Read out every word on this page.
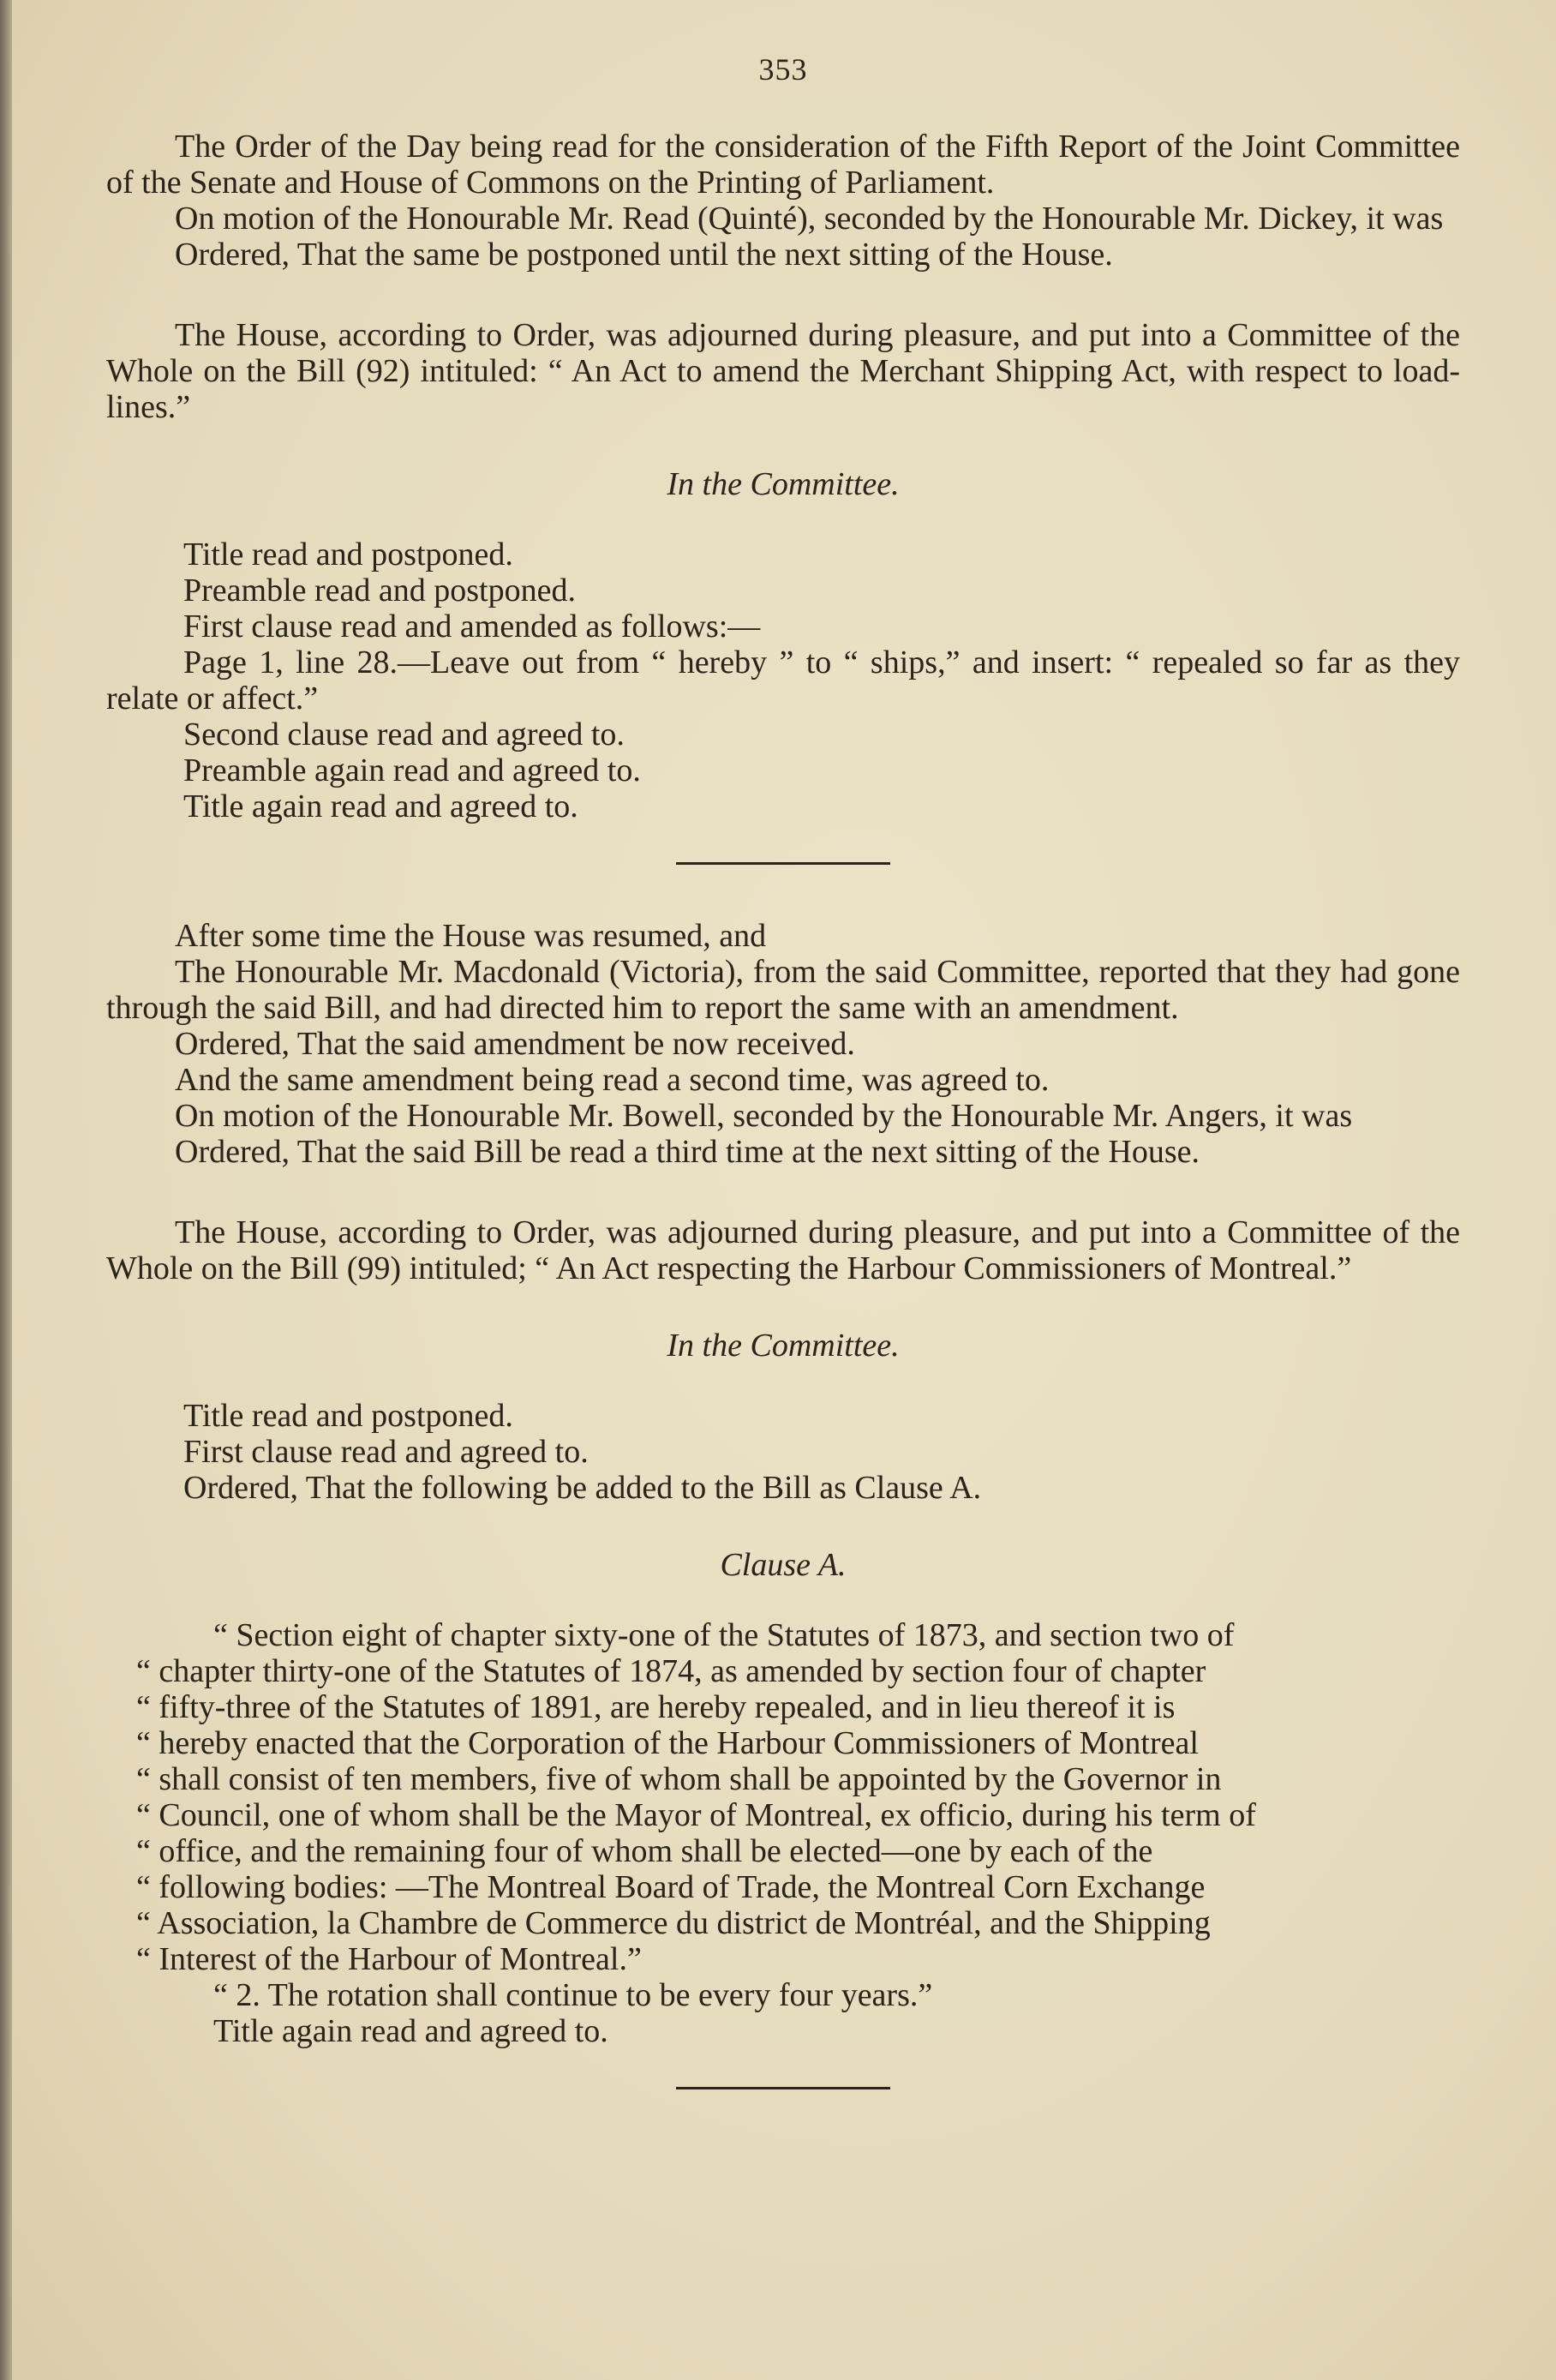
353

The Order of the Day being read for the consideration of the Fifth Report of the Joint Committee of the Senate and House of Commons on the Printing of Parliament.

On motion of the Honourable Mr. Read (Quinté), seconded by the Honourable Mr. Dickey, it was

Ordered, That the same be postponed until the next sitting of the House.

The House, according to Order, was adjourned during pleasure, and put into a Committee of the Whole on the Bill (92) intituled: “ An Act to amend the Merchant Shipping Act, with respect to load-lines.”

In the Committee.

Title read and postponed.

Preamble read and postponed.

First clause read and amended as follows:—

Page 1, line 28.—Leave out from “ hereby ” to “ ships,” and insert: “ repealed so far as they relate or affect.”

Second clause read and agreed to.

Preamble again read and agreed to.

Title again read and agreed to.

After some time the House was resumed, and

The Honourable Mr. Macdonald (Victoria), from the said Committee, reported that they had gone through the said Bill, and had directed him to report the same with an amendment.

Ordered, That the said amendment be now received.

And the same amendment being read a second time, was agreed to.

On motion of the Honourable Mr. Bowell, seconded by the Honourable Mr. Angers, it was

Ordered, That the said Bill be read a third time at the next sitting of the House.

The House, according to Order, was adjourned during pleasure, and put into a Committee of the Whole on the Bill (99) intituled; “ An Act respecting the Harbour Commissioners of Montreal.”

In the Committee.

Title read and postponed.

First clause read and agreed to.

Ordered, That the following be added to the Bill as Clause A.

Clause A.

“ Section eight of chapter sixty-one of the Statutes of 1873, and section two of

“ chapter thirty-one of the Statutes of 1874, as amended by section four of chapter

“ fifty-three of the Statutes of 1891, are hereby repealed, and in lieu thereof it is

“ hereby enacted that the Corporation of the Harbour Commissioners of Montreal

“ shall consist of ten members, five of whom shall be appointed by the Governor in

“ Council, one of whom shall be the Mayor of Montreal, ex officio, during his term of

“ office, and the remaining four of whom shall be elected—one by each of the

“ following bodies: —The Montreal Board of Trade, the Montreal Corn Exchange

“ Association, la Chambre de Commerce du district de Montréal, and the Shipping

“ Interest of the Harbour of Montreal.”

“ 2. The rotation shall continue to be every four years.”

Title again read and agreed to.
